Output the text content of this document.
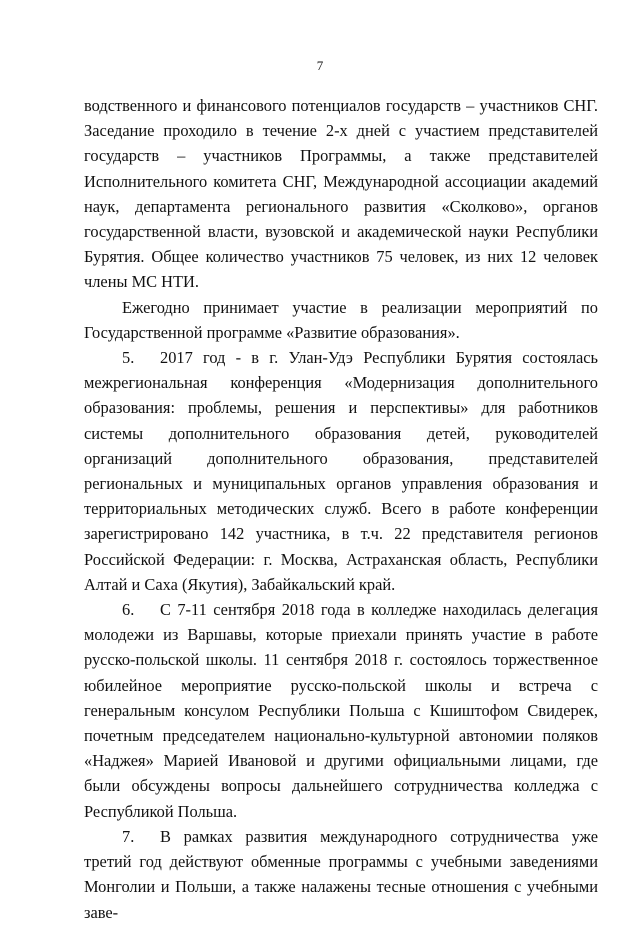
7

водственного и финансового потенциалов государств – участников СНГ. Заседание проходило в течение 2-х дней с участием представителей государств – участников Программы, а также представителей Исполнительного комитета СНГ, Международной ассоциации академий наук, департамента регионального развития «Сколково», органов государственной власти, вузовской и академической науки Республики Бурятия. Общее количество участников 75 человек, из них 12 человек члены МС НТИ.

Ежегодно принимает участие в реализации мероприятий по Государственной программе «Развитие образования».

5. 2017 год - в г. Улан-Удэ Республики Бурятия состоялась межрегиональная конференция «Модернизация дополнительного образования: проблемы, решения и перспективы» для работников системы дополнительного образования детей, руководителей организаций дополнительного образования, представителей региональных и муниципальных органов управления образования и территориальных методических служб. Всего в работе конференции зарегистрировано 142 участника, в т.ч. 22 представителя регионов Российской Федерации: г. Москва, Астраханская область, Республики Алтай и Саха (Якутия), Забайкальский край.

6. С 7-11 сентября 2018 года в колледже находилась делегация молодежи из Варшавы, которые приехали принять участие в работе русско-польской школы. 11 сентября 2018 г. состоялось торжественное юбилейное мероприятие русско-польской школы и встреча с генеральным консулом Республики Польша с Кшиштофом Свидерек, почетным председателем национально-культурной автономии поляков «Наджея» Марией Ивановой и другими официальными лицами, где были обсуждены вопросы дальнейшего сотрудничества колледжа с Республикой Польша.

7. В рамках развития международного сотрудничества уже третий год действуют обменные программы с учебными заведениями Монголии и Польши, а также налажены тесные отношения с учебными заве-
